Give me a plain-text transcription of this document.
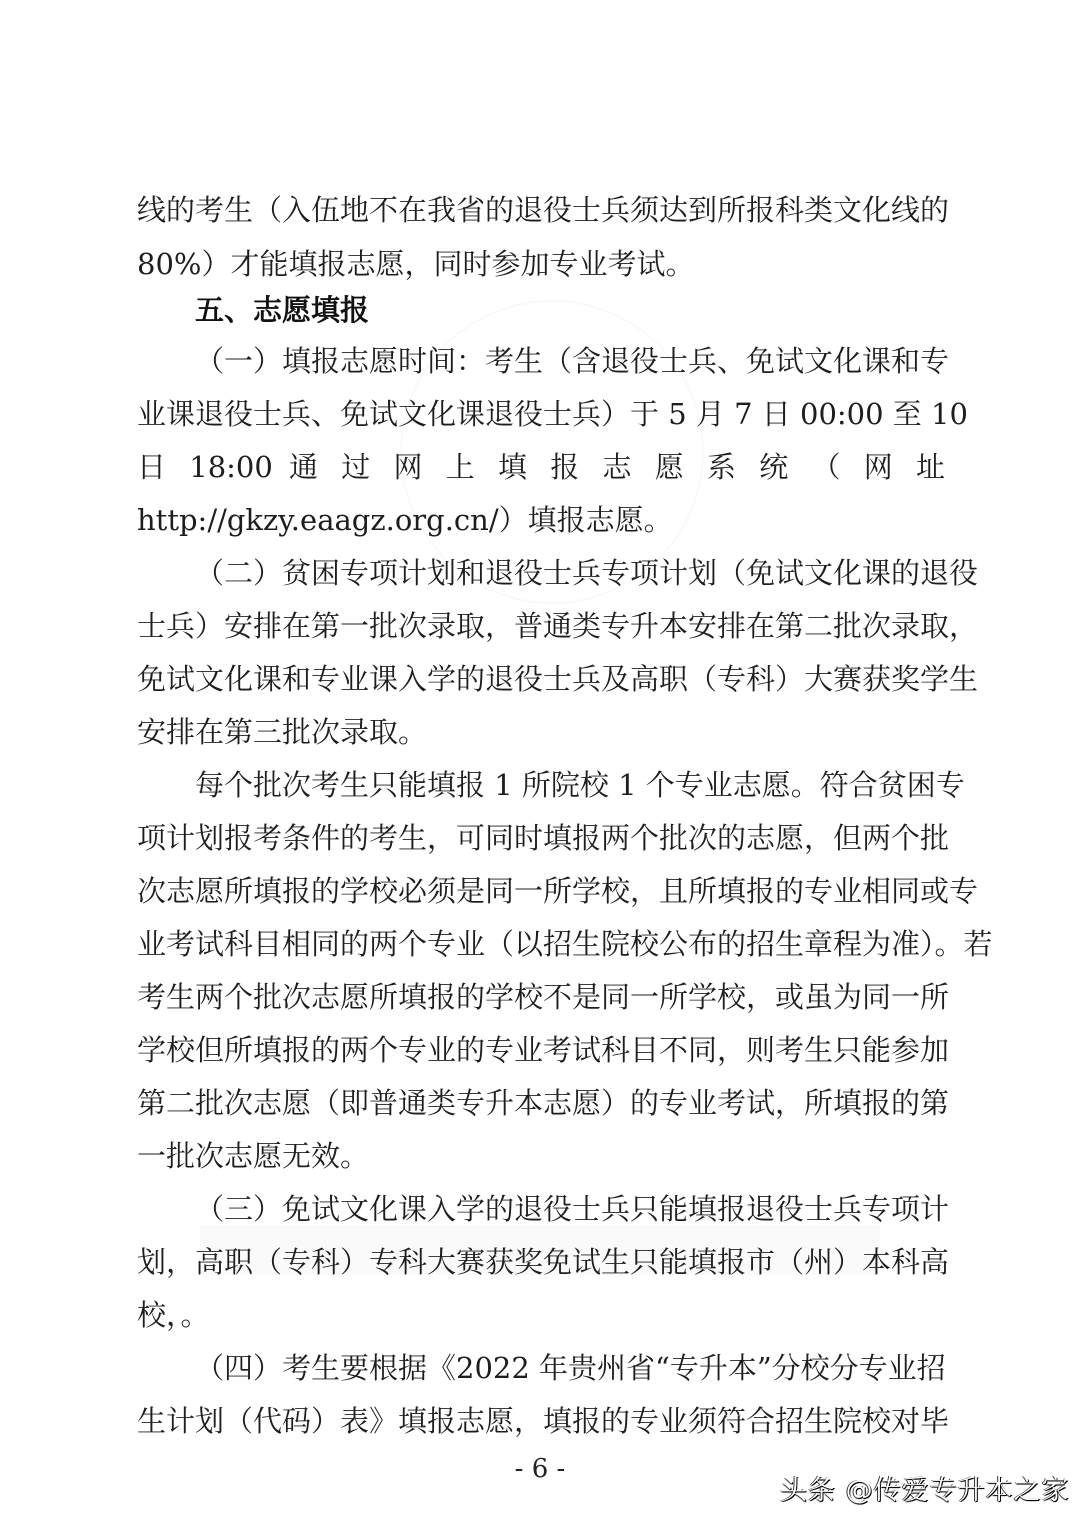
线的考生（入伍地不在我省的退役士兵须达到所报科类文化线的
80%）才能填报志愿，同时参加专业考试。
五、志愿填报
（一）填报志愿时间：考生（含退役士兵、免试文化课和专
业课退役士兵、免试文化课退役士兵）于 5 月 7 日 00:00 至 10
日 18:00 通 过 网 上 填 报 志 愿 系 统 （ 网 址
http://gkzy.eaagz.org.cn/）填报志愿。
（二）贫困专项计划和退役士兵专项计划（免试文化课的退役
士兵）安排在第一批次录取，普通类专升本安排在第二批次录取，
免试文化课和专业课入学的退役士兵及高职（专科）大赛获奖学生
安排在第三批次录取。
每个批次考生只能填报 1 所院校 1 个专业志愿。符合贫困专
项计划报考条件的考生，可同时填报两个批次的志愿，但两个批
次志愿所填报的学校必须是同一所学校，且所填报的专业相同或专
业考试科目相同的两个专业（以招生院校公布的招生章程为准）。若
考生两个批次志愿所填报的学校不是同一所学校，或虽为同一所
学校但所填报的两个专业的专业考试科目不同，则考生只能参加
第二批次志愿（即普通类专升本志愿）的专业考试，所填报的第
一批次志愿无效。
（三）免试文化课入学的退役士兵只能填报退役士兵专项计
划，高职（专科）专科大赛获奖免试生只能填报市（州）本科高
校，。
（四）考生要根据《2022 年贵州省“专升本”分校分专业招
生计划（代码）表》填报志愿，填报的专业须符合招生院校对毕
- 6 -
头条 @传爱专升本之家
